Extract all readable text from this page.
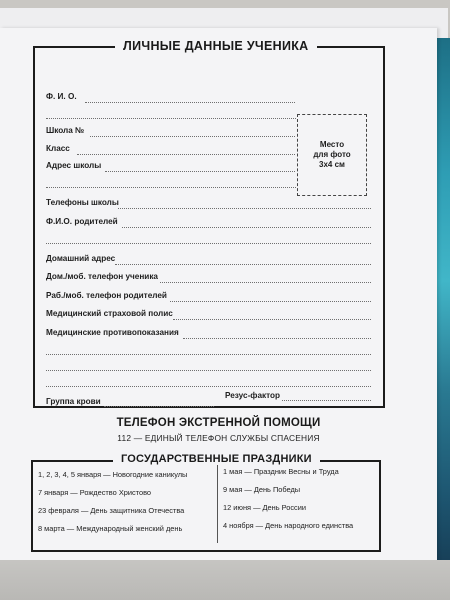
ЛИЧНЫЕ ДАННЫЕ УЧЕНИКА
Ф. И. О.
Школа №
Класс
Адрес школы
Телефоны школы
Ф.И.О. родителей
Домашний адрес
Дом./моб. телефон ученика
Раб./моб. телефон родителей
Медицинский страховой полис
Медицинские противопоказания
Группа крови
Резус-фактор
Место
для фото
3х4 см
ТЕЛЕФОН ЭКСТРЕННОЙ ПОМОЩИ
112 — ЕДИНЫЙ ТЕЛЕФОН СЛУЖБЫ СПАСЕНИЯ
ГОСУДАРСТВЕННЫЕ ПРАЗДНИКИ
1, 2, 3, 4, 5 января — Новогодние каникулы
7 января — Рождество Христово
23 февраля — День защитника Отечества
8 марта — Международный женский день
1 мая — Праздник Весны и Труда
9 мая — День Победы
12 июня — День России
4 ноября — День народного единства
